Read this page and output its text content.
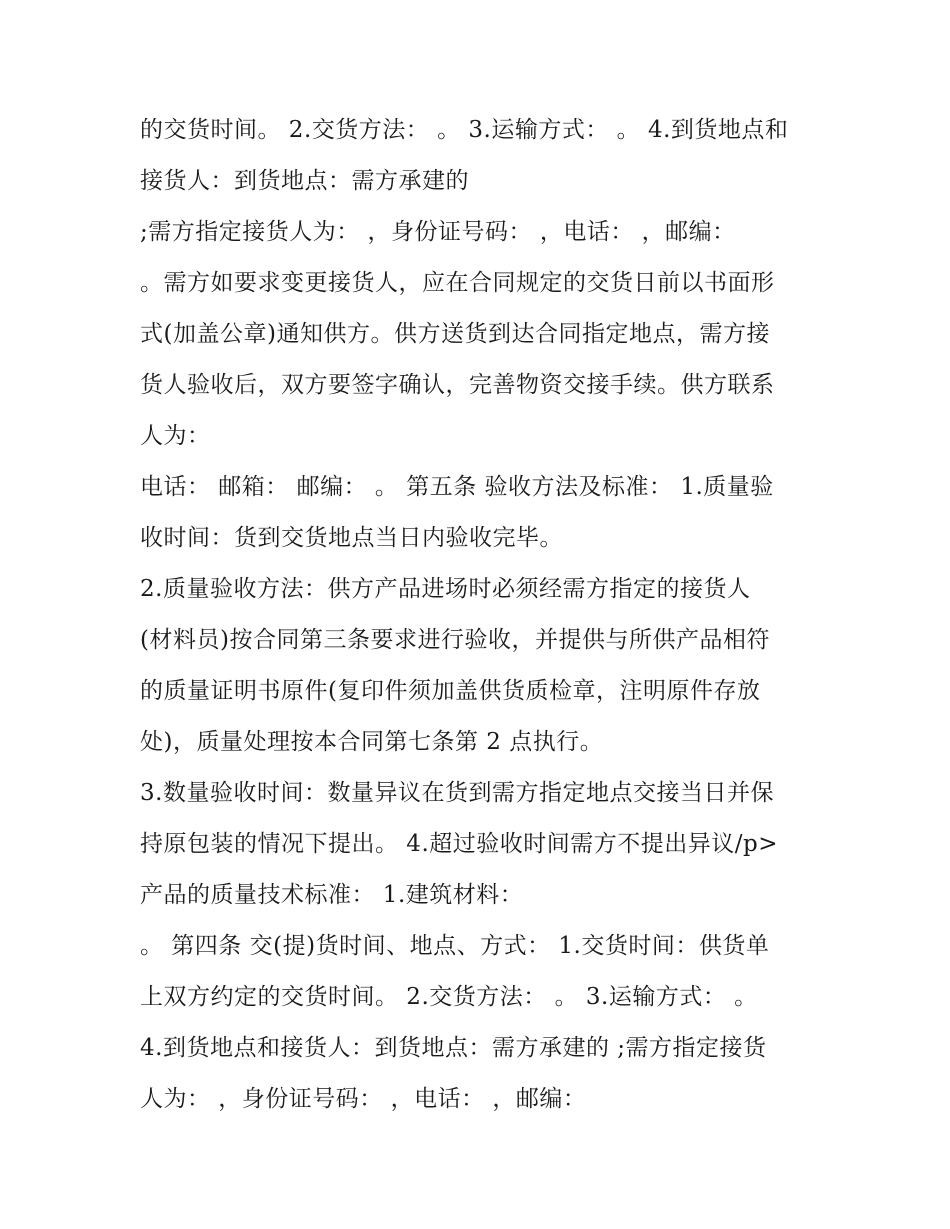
的交货时间。 2.交货方法： 。 3.运输方式： 。 4.到货地点和
接货人：到货地点：需方承建的
;需方指定接货人为： ，身份证号码： ，电话： ，邮编：
。需方如要求变更接货人，应在合同规定的交货日前以书面形
式(加盖公章)通知供方。供方送货到达合同指定地点，需方接
货人验收后，双方要签字确认，完善物资交接手续。供方联系
人为：
电话： 邮箱： 邮编： 。 第五条 验收方法及标准： 1.质量验
收时间：货到交货地点当日内验收完毕。
2.质量验收方法：供方产品进场时必须经需方指定的接货人
(材料员)按合同第三条要求进行验收，并提供与所供产品相符
的质量证明书原件(复印件须加盖供货质检章，注明原件存放
处)，质量处理按本合同第七条第 2 点执行。
3.数量验收时间：数量异议在货到需方指定地点交接当日并保
持原包装的情况下提出。 4.超过验收时间需方不提出异议/p>
产品的质量技术标准： 1.建筑材料：
。 第四条 交(提)货时间、地点、方式： 1.交货时间：供货单
上双方约定的交货时间。 2.交货方法： 。 3.运输方式： 。
4.到货地点和接货人：到货地点：需方承建的 ;需方指定接货
人为： ，身份证号码： ，电话： ，邮编：
